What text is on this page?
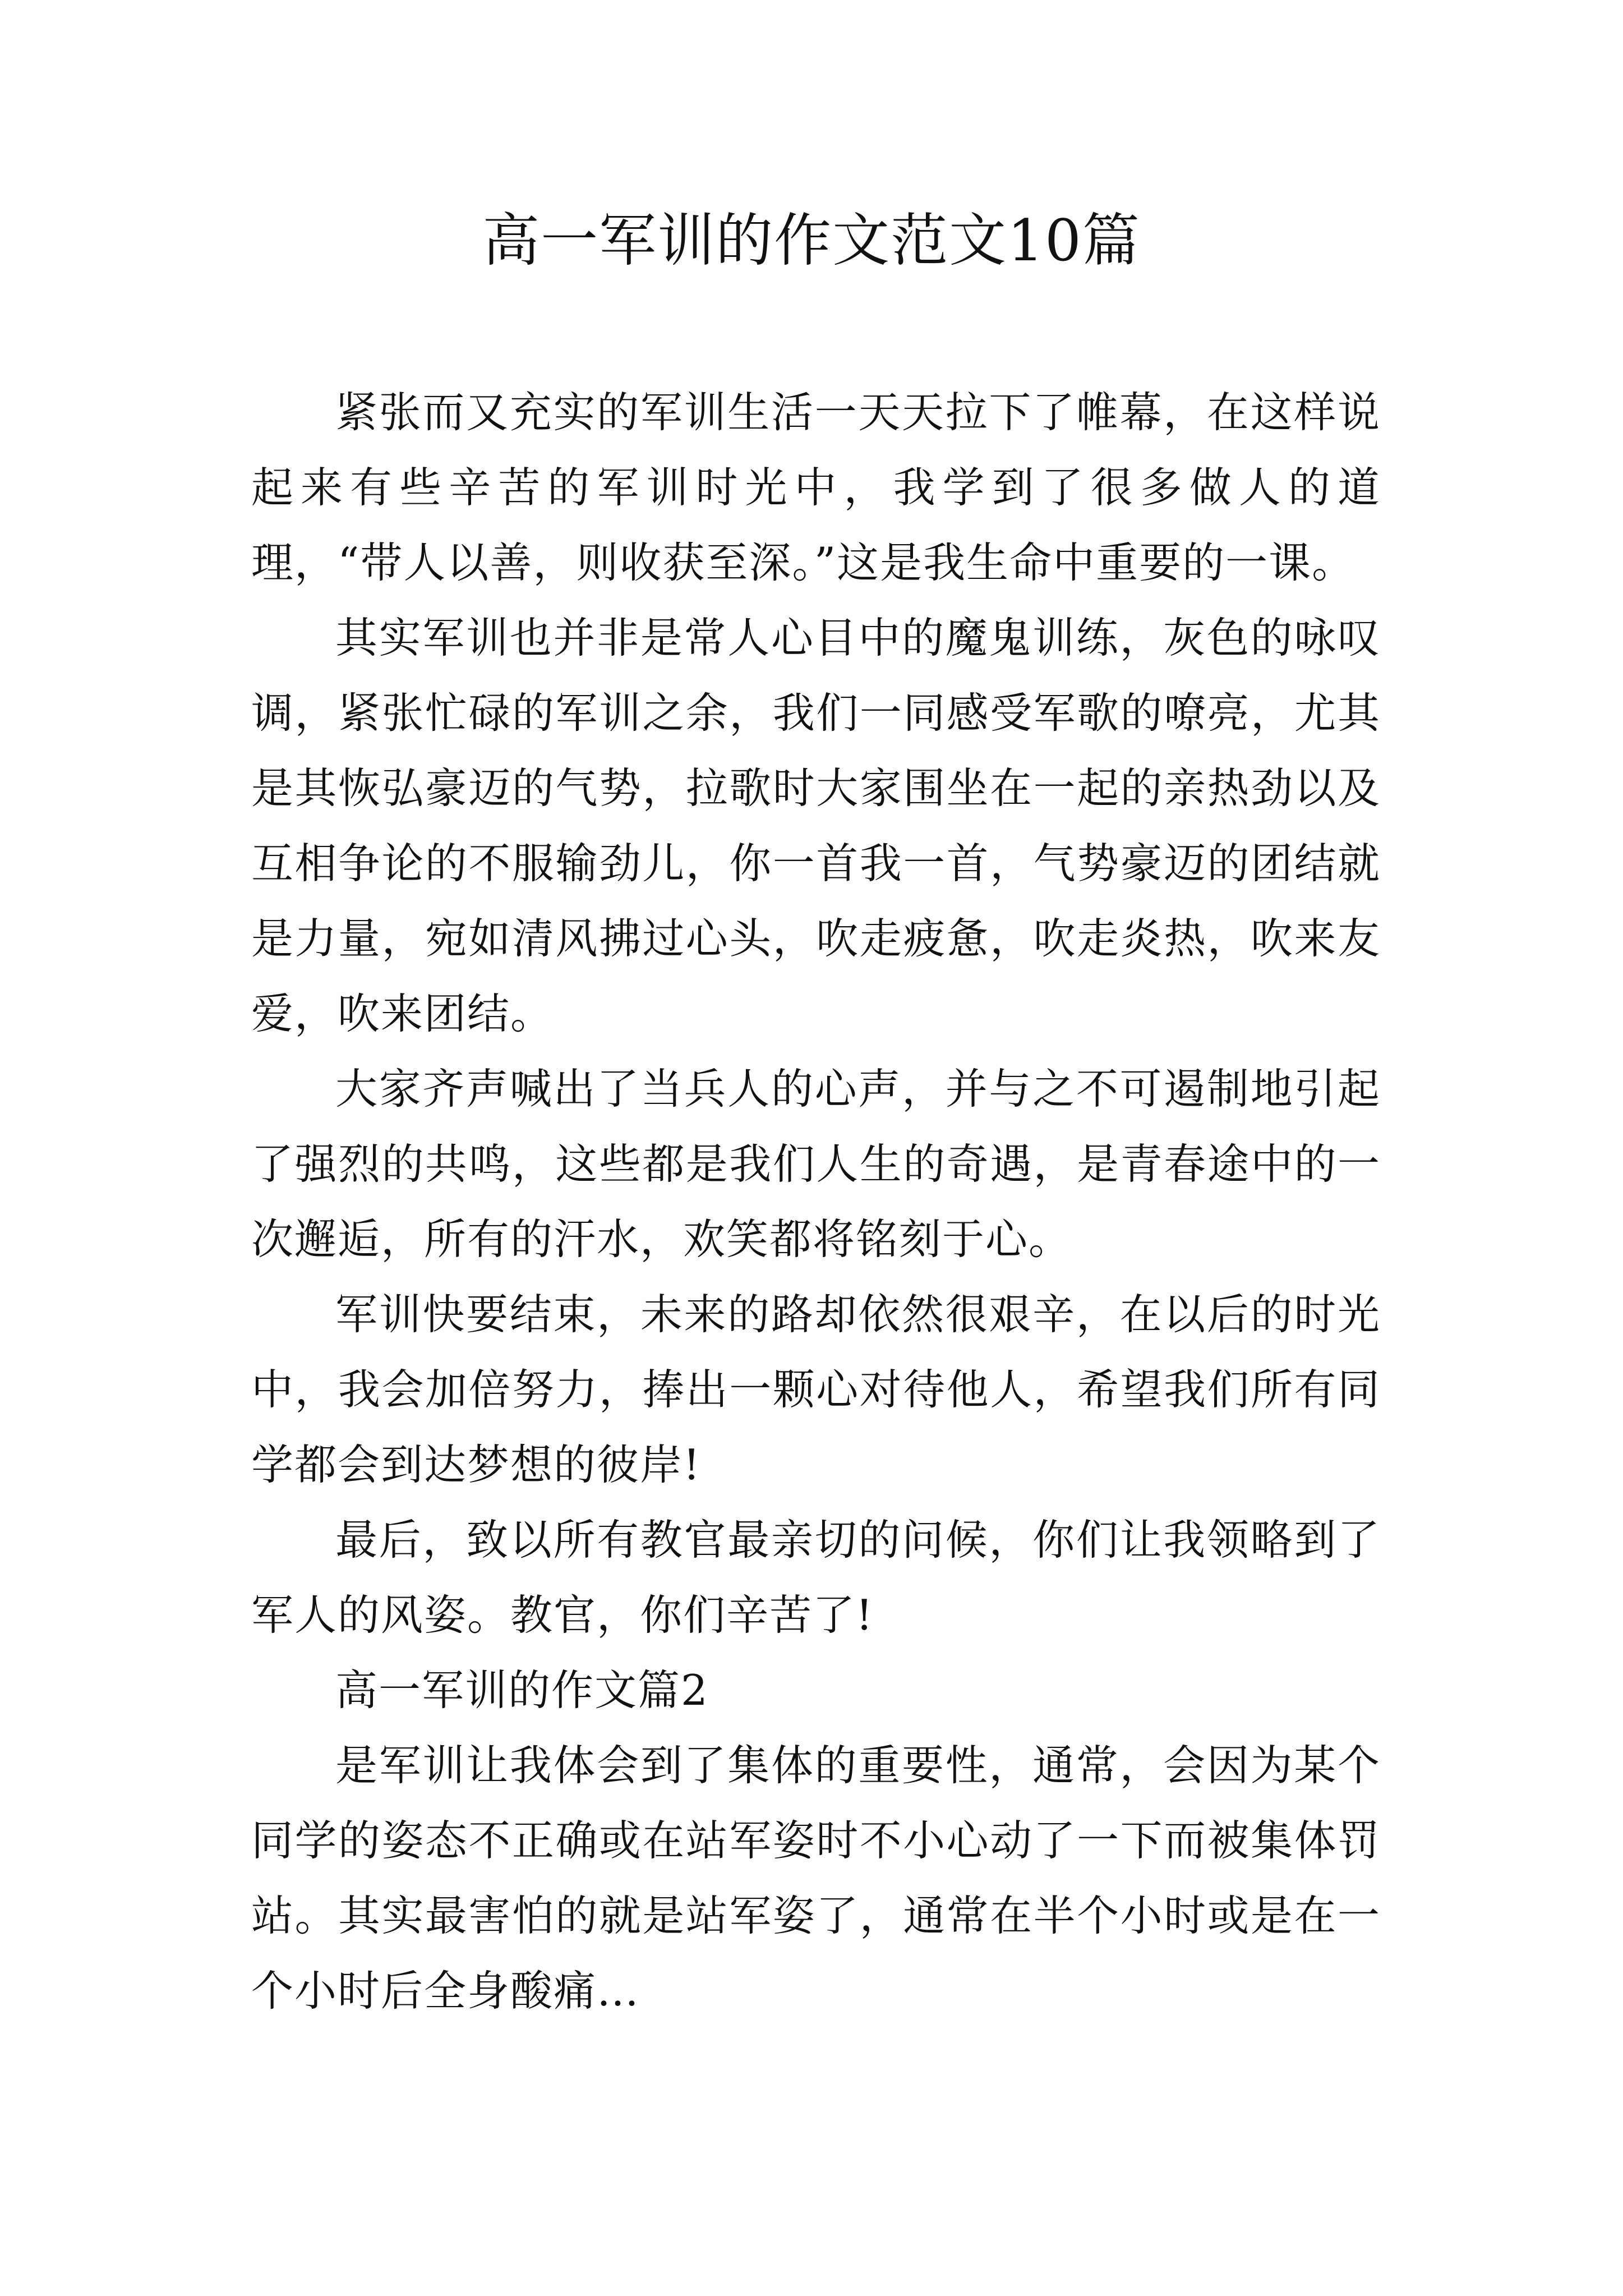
高一军训的作文范文10篇

紧张而又充实的军训生活一天天拉下了帷幕，在这样说起来有些辛苦的军训时光中，我学到了很多做人的道理，“带人以善，则收获至深。”这是我生命中重要的一课。

其实军训也并非是常人心目中的魔鬼训练，灰色的咏叹调，紧张忙碌的军训之余，我们一同感受军歌的嘹亮，尤其是其恢弘豪迈的气势，拉歌时大家围坐在一起的亲热劲以及互相争论的不服输劲儿，你一首我一首，气势豪迈的团结就是力量，宛如清风拂过心头，吹走疲惫，吹走炎热，吹来友爱，吹来团结。

大家齐声喊出了当兵人的心声，并与之不可遏制地引起了强烈的共鸣，这些都是我们人生的奇遇，是青春途中的一次邂逅，所有的汗水，欢笑都将铭刻于心。

军训快要结束，未来的路却依然很艰辛，在以后的时光中，我会加倍努力，捧出一颗心对待他人，希望我们所有同学都会到达梦想的彼岸!

最后，致以所有教官最亲切的问候，你们让我领略到了军人的风姿。教官，你们辛苦了!

高一军训的作文篇2

是军训让我体会到了集体的重要性，通常，会因为某个同学的姿态不正确或在站军姿时不小心动了一下而被集体罚站。其实最害怕的就是站军姿了，通常在半个小时或是在一个小时后全身酸痛…
